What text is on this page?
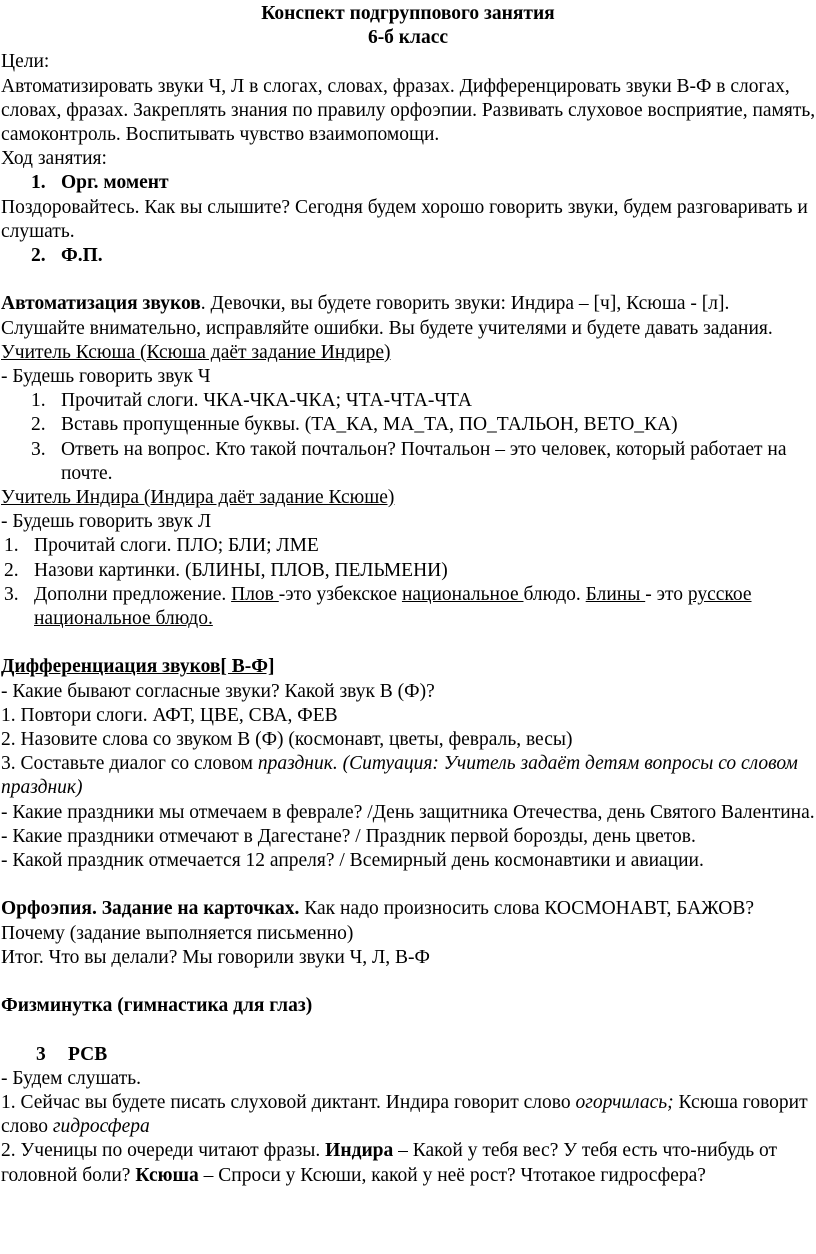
Конспект подгруппового занятия
6-б класс

Цели:

Автоматизировать звуки Ч, Л в слогах, словах, фразах. Дифференцировать звуки В-Ф в слогах, словах, фразах. Закреплять знания по правилу орфоэпии. Развивать слуховое восприятие, память, самоконтроль. Воспитывать чувство взаимопомощи.

Ход занятия:

1. Орг. момент

Поздоровайтесь. Как вы слышите? Сегодня будем хорошо говорить звуки, будем разговаривать и слушать.

2. Ф.П.

Автоматизация звуков. Девочки, вы будете говорить звуки: Индира – [ч], Ксюша - [л]. Слушайте внимательно, исправляйте ошибки. Вы будете учителями и будете давать задания.

Учитель Ксюша (Ксюша даёт задание Индире)

- Будешь говорить звук Ч

1. Прочитай слоги. ЧКА-ЧКА-ЧКА; ЧТА-ЧТА-ЧТА
2. Вставь пропущенные буквы. (ТА_КА, МА_ТА, ПО_ТАЛЬОН, ВЕТО_КА)
3. Ответь на вопрос. Кто такой почтальон? Почтальон – это человек, который работает на почте.

Учитель Индира (Индира даёт задание Ксюше)

- Будешь говорить звук Л

1. Прочитай слоги. ПЛО; БЛИ; ЛМЕ
2. Назови картинки. (БЛИНЫ, ПЛОВ, ПЕЛЬМЕНИ)
3. Дополни предложение. Плов -это узбекское национальное блюдо. Блины - это русское национальное блюдо.

Дифференциация звуков[ В-Ф]

- Какие бывают согласные звуки? Какой звук В (Ф)?

1. Повтори слоги. АФТ, ЦВЕ, СВА, ФЕВ

2. Назовите слова со звуком В (Ф) (космонавт, цветы, февраль, весы)

3. Составьте диалог со словом праздник. (Ситуация: Учитель задаёт детям вопросы со словом праздник)

- Какие праздники мы отмечаем в феврале? /День защитника Отечества, день Святого Валентина.

- Какие праздники отмечают в Дагестане? / Праздник первой борозды, день цветов.

- Какой праздник отмечается 12 апреля? / Всемирный день космонавтики и авиации.

Орфоэпия. Задание на карточках. Как надо произносить слова КОСМОНАВТ, БАЖОВ? Почему (задание выполняется письменно)

Итог. Что вы делали? Мы говорили звуки Ч, Л, В-Ф

Физминутка (гимнастика для глаз)

3	РСВ

- Будем слушать.

1. Сейчас вы будете писать слуховой диктант. Индира говорит слово огорчилась; Ксюша говорит слово гидросфера

2. Ученицы по очереди читают фразы. Индира – Какой у тебя вес? У тебя есть что-нибудь от головной боли? Ксюша – Спроси у Ксюши, какой у неё рост? Чтотакое гидросфера?
